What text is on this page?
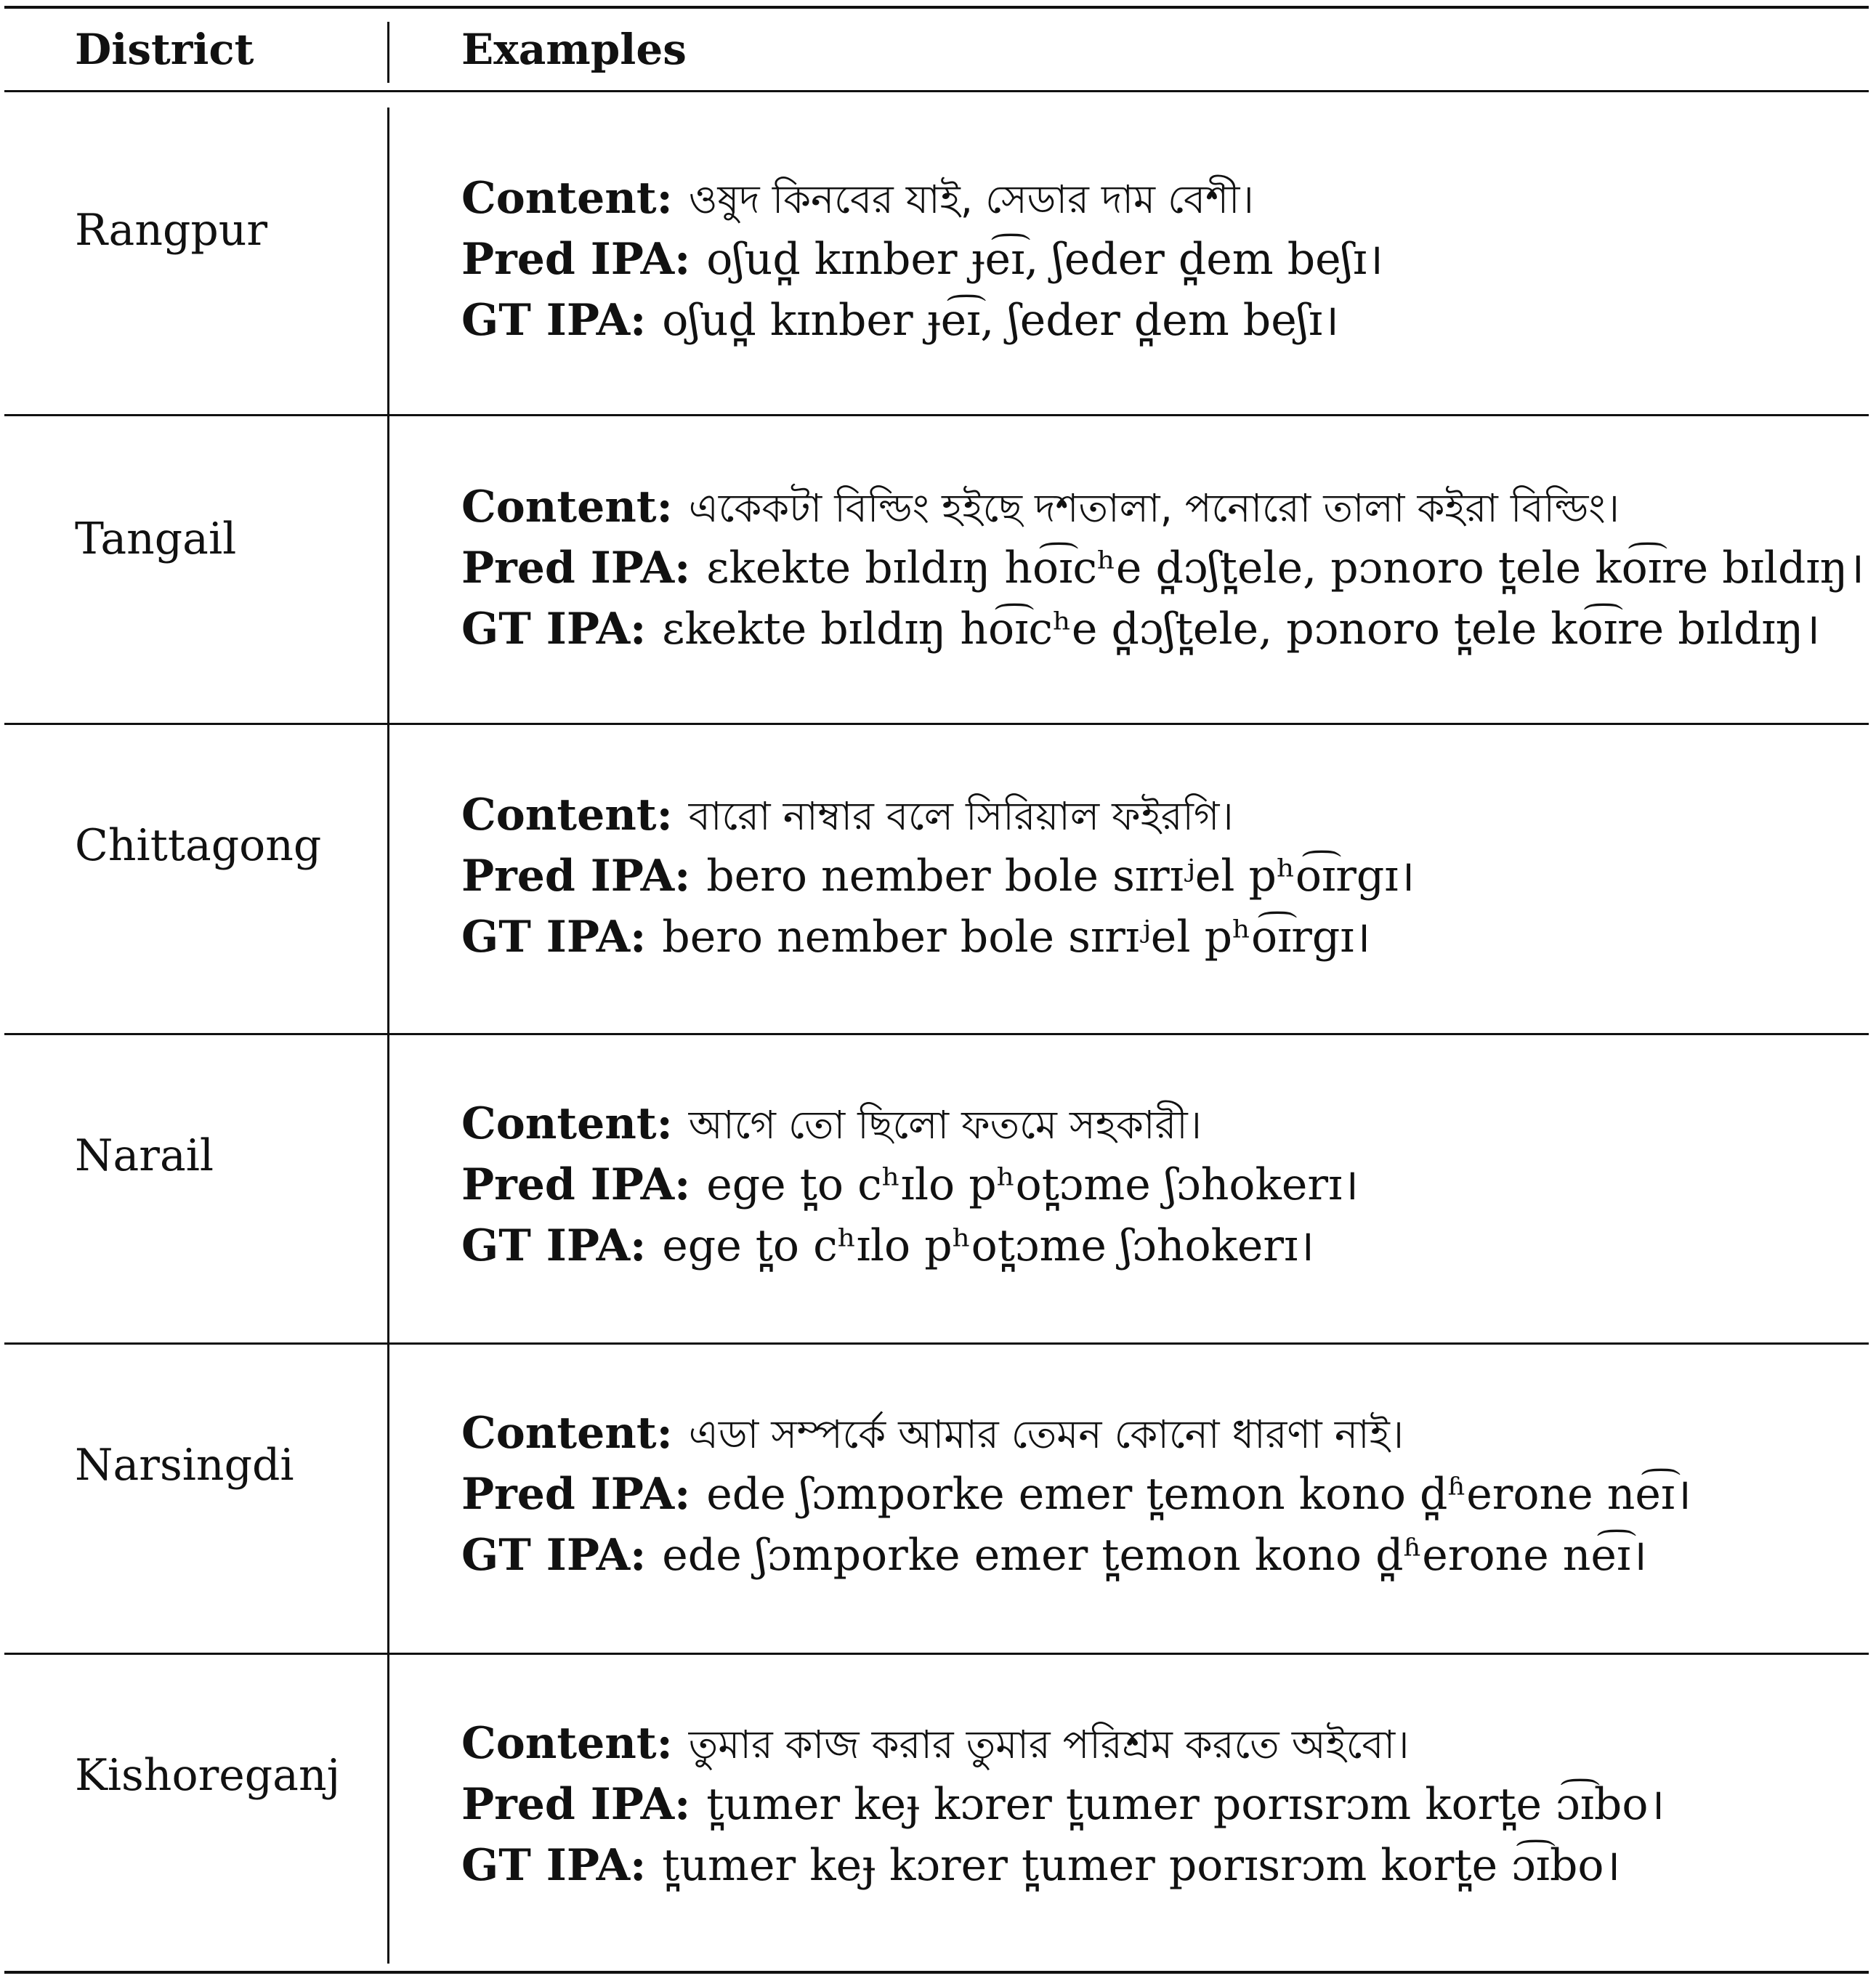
District	Examples
Rangpur
Content: ওষুদ কিনবের যাই, সেডার দাম বেশী।
Pred IPA: oʃud̪ kɪnber ɟe͡ɪ, ʃeder d̪em beʃɪ।
GT IPA: oʃud̪ kɪnber ɟe͡ɪ, ʃeder d̪em beʃɪ।
Tangail
Content: একেকটা বিল্ডিং হইছে দশতালা, পনোরো তালা কইরা বিল্ডিং।
Pred IPA: ɛkekte bɪldɪŋ ho͡ɪcʰe d̪ɔʃt̪ele, pɔnoro t̪ele ko͡ɪre bɪldɪŋ।
GT IPA: ɛkekte bɪldɪŋ ho͡ɪcʰe d̪ɔʃt̪ele, pɔnoro t̪ele ko͡ɪre bɪldɪŋ।
Chittagong
Content: বারো নাম্বার বলে সিরিয়াল ফইরগি।
Pred IPA: bero nember bole sɪrɪʲel pʰo͡ɪrgɪ।
GT IPA: bero nember bole sɪrɪʲel pʰo͡ɪrgɪ।
Narail
Content: আগে তো ছিলো ফতমে সহকারী।
Pred IPA: ege t̪o cʰɪlo pʰot̪ɔme ʃɔhokerɪ।
GT IPA: ege t̪o cʰɪlo pʰot̪ɔme ʃɔhokerɪ।
Narsingdi
Content: এডা সম্পর্কে আমার তেমন কোনো ধারণা নাই।
Pred IPA: ede ʃɔmporke emer t̪emon kono d̪ʱerone ne͡ɪ।
GT IPA: ede ʃɔmporke emer t̪emon kono d̪ʱerone ne͡ɪ।
Kishoreganj
Content: তুমার কাজ করার তুমার পরিশ্রম করতে অইবো।
Pred IPA: t̪umer keɟ kɔrer t̪umer porɪsrɔm kort̪e ɔ͡ɪbo।
GT IPA: t̪umer keɟ kɔrer t̪umer porɪsrɔm kort̪e ɔ͡ɪbo।
